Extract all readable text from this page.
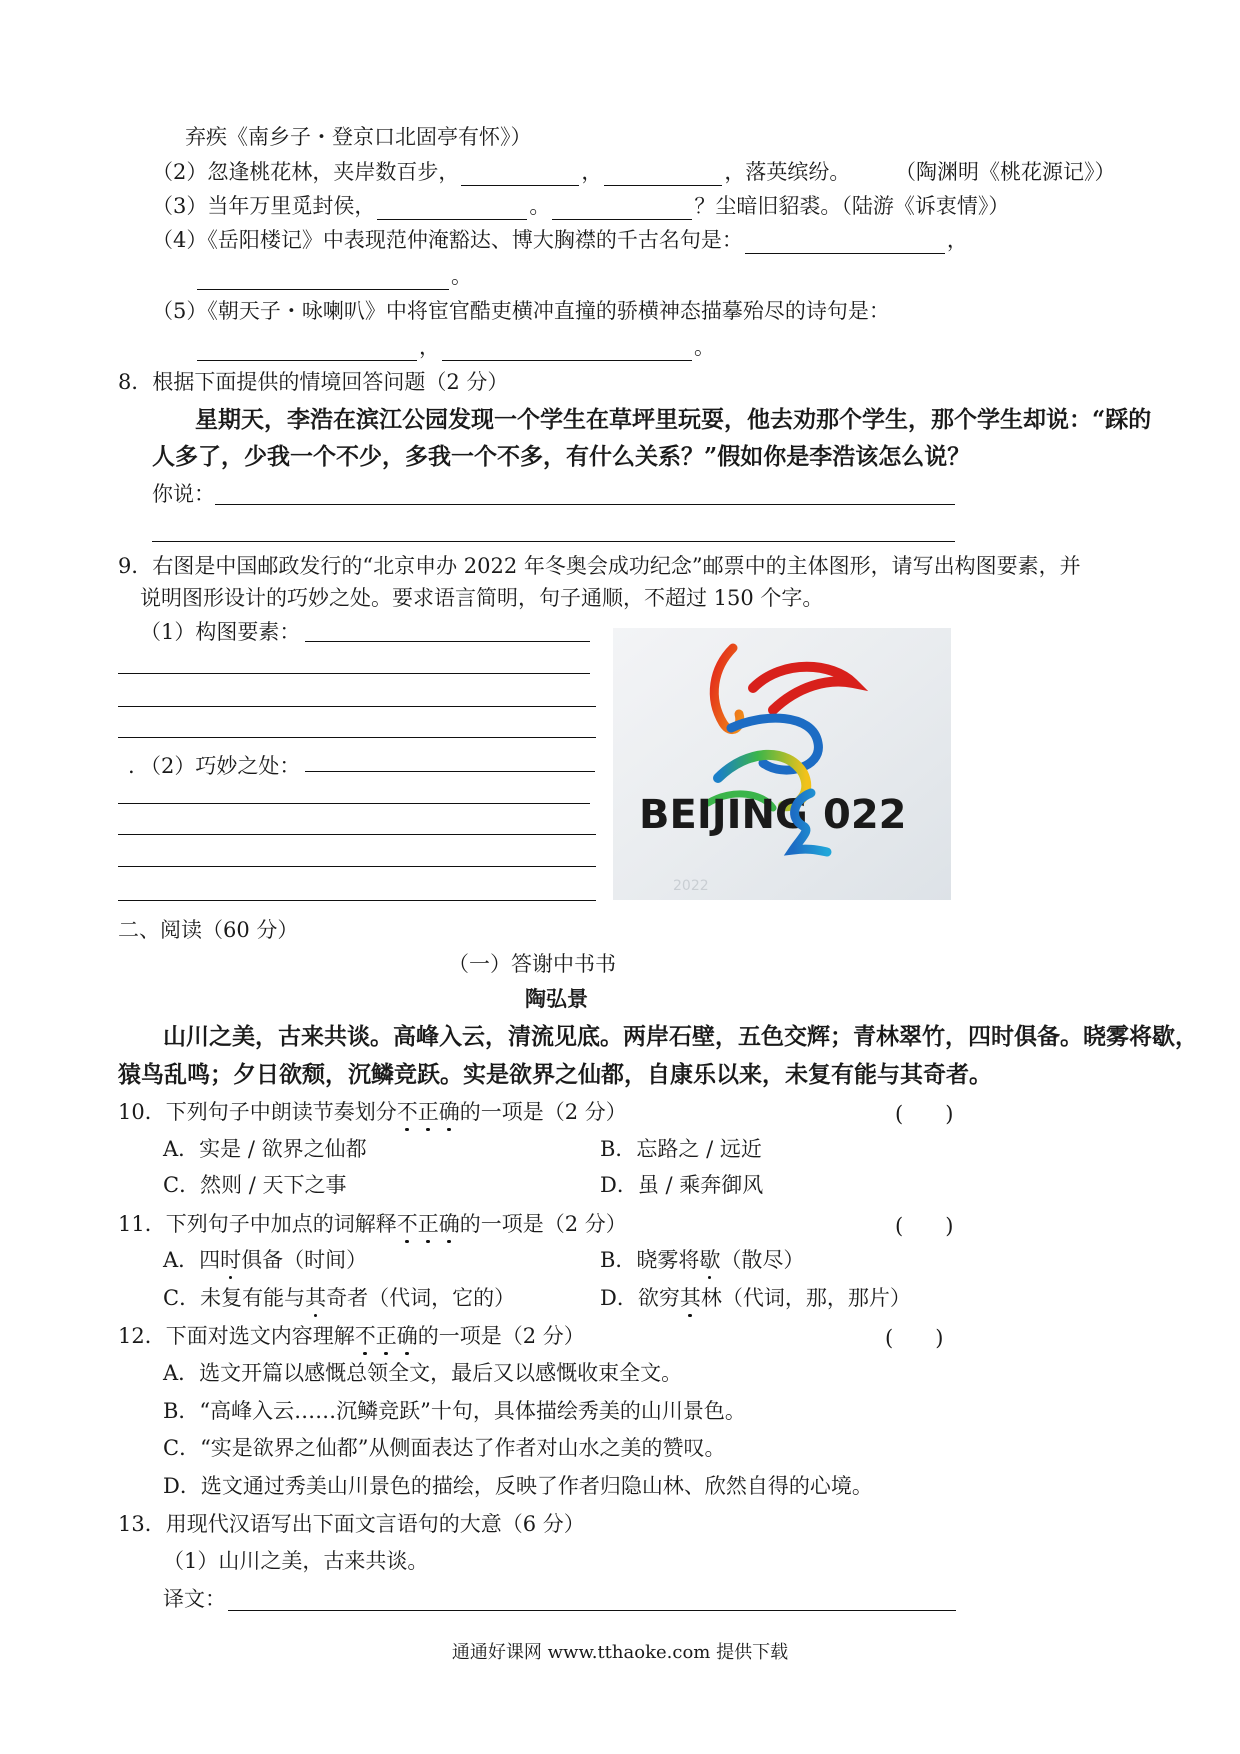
弃疾《南乡子・登京口北固亭有怀》）
（2）忽逢桃花林，夹岸数百步，	，	，落英缤纷。 （陶渊明《桃花源记》）
（3）当年万里觅封侯，	。	？尘暗旧貂裘。（陆游《诉衷情》）
（4）《岳阳楼记》中表现范仲淹豁达、博大胸襟的千古名句是：	，
。
（5）《朝天子・咏喇叭》中将宦官酷吏横冲直撞的骄横神态描摹殆尽的诗句是：
，	。
8．根据下面提供的情境回答问题（2 分）
星期天，李浩在滨江公园发现一个学生在草坪里玩耍，他去劝那个学生，那个学生却说：“踩的
人多了，少我一个不少，多我一个不多，有什么关系？”假如你是李浩该怎么说？
你说：
9．右图是中国邮政发行的“北京申办 2022 年冬奥会成功纪念”邮票中的主体图形，请写出构图要素，并
说明图形设计的巧妙之处。要求语言简明，句子通顺，不超过 150 个字。
（1）构图要素：
. （2）巧妙之处：
BEIJING 022
2022
二、阅读（60 分）
（一）答谢中书书
陶弘景
山川之美，古来共谈。高峰入云，清流见底。两岸石壁，五色交辉；青林翠竹，四时俱备。晓雾将歇，
猿鸟乱鸣；夕日欲颓，沉鳞竞跃。实是欲界之仙都，自康乐以来，未复有能与其奇者。
10．下列句子中朗读节奏划分不正确的一项是（2 分）	(　　)
A．实是 / 欲界之仙都	B．忘路之 / 远近
C．然则 / 天下之事	D．虽 / 乘奔御风
11．下列句子中加点的词解释不正确的一项是（2 分）	(　　)
A．四时俱备（时间）	B．晓雾将歇（散尽）
C．未复有能与其奇者（代词，它的）	D．欲穷其林（代词，那，那片）
12．下面对选文内容理解不正确的一项是（2 分）	(　　)
A．选文开篇以感慨总领全文，最后又以感慨收束全文。
B．“高峰入云……沉鳞竞跃”十句，具体描绘秀美的山川景色。
C．“实是欲界之仙都”从侧面表达了作者对山水之美的赞叹。
D．选文通过秀美山川景色的描绘，反映了作者归隐山林、欣然自得的心境。
13．用现代汉语写出下面文言语句的大意（6 分）
（1）山川之美，古来共谈。
译文：
通通好课网 www.tthaoke.com 提供下载
